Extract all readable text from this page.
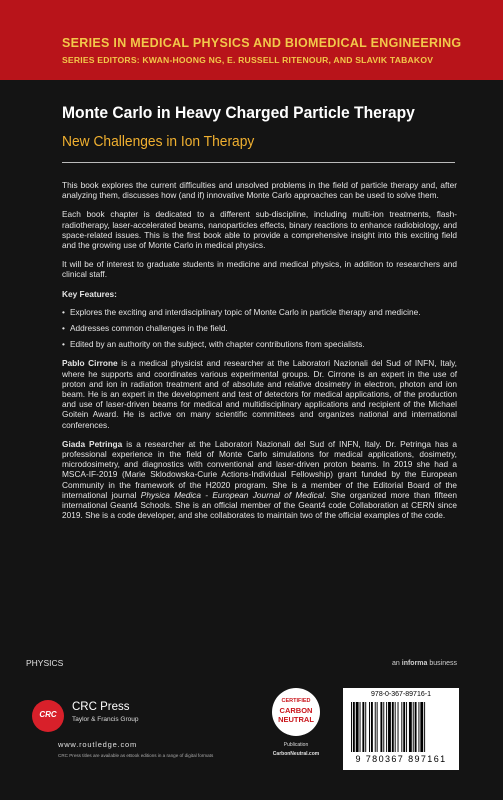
SERIES IN MEDICAL PHYSICS AND BIOMEDICAL ENGINEERING
SERIES EDITORS: KWAN-HOONG NG, E. RUSSELL RITENOUR, AND SLAVIK TABAKOV
Monte Carlo in Heavy Charged Particle Therapy
New Challenges in Ion Therapy

This book explores the current difficulties and unsolved problems in the field of particle therapy and, after analyzing them, discusses how (and if) innovative Monte Carlo approaches can be used to solve them.

Each book chapter is dedicated to a different sub-discipline, including multi-ion treatments, flash-radiotherapy, laser-accelerated beams, nanoparticles effects, binary reactions to enhance radiobiology, and space-related issues. This is the first book able to provide a comprehensive insight into this exciting field and the growing use of Monte Carlo in medical physics.

It will be of interest to graduate students in medicine and medical physics, in addition to researchers and clinical staff.

Key Features:
• Explores the exciting and interdisciplinary topic of Monte Carlo in particle therapy and medicine.
• Addresses common challenges in the field.
• Edited by an authority on the subject, with chapter contributions from specialists.

Pablo Cirrone is a medical physicist and researcher at the Laboratori Nazionali del Sud of INFN, Italy, where he supports and coordinates various experimental groups. Dr. Cirrone is an expert in the use of proton and ion in radiation treatment and of absolute and relative dosimetry in electron, photon and ion beam. He is an expert in the development and test of detectors for medical applications, of the production and use of laser-driven beams for medical and multidisciplinary applications and recipient of the Michael Goitein Award. He is active on many scientific committees and organizes national and international conferences.

Giada Petringa is a researcher at the Laboratori Nazionali del Sud of INFN, Italy. Dr. Petringa has a professional experience in the field of Monte Carlo simulations for medical applications, dosimetry, microdosimetry, and diagnostics with conventional and laser-driven proton beams. In 2019 she had a MSCA-IF-2019 (Marie Sklodowska-Curie Actions-Individual Fellowship) grant funded by the European Community in the framework of the H2020 program. She is a member of the Editorial Board of the international journal Physica Medica - European Journal of Medical. She organized more than fifteen international Geant4 Schools. She is an official member of the Geant4 code Collaboration at CERN since 2019. She is a code developer, and she collaborates to maintain two of the official examples of the code.

PHYSICS	an informa business
CRC
CRC Press
Taylor & Francis Group
www.routledge.com
CRC Press titles are available as eBook editions in a range of digital formats
CERTIFIED
CARBON
NEUTRAL
Publication
CarbonNeutral.com
978-0-367-89716-1
9 780367 897161
